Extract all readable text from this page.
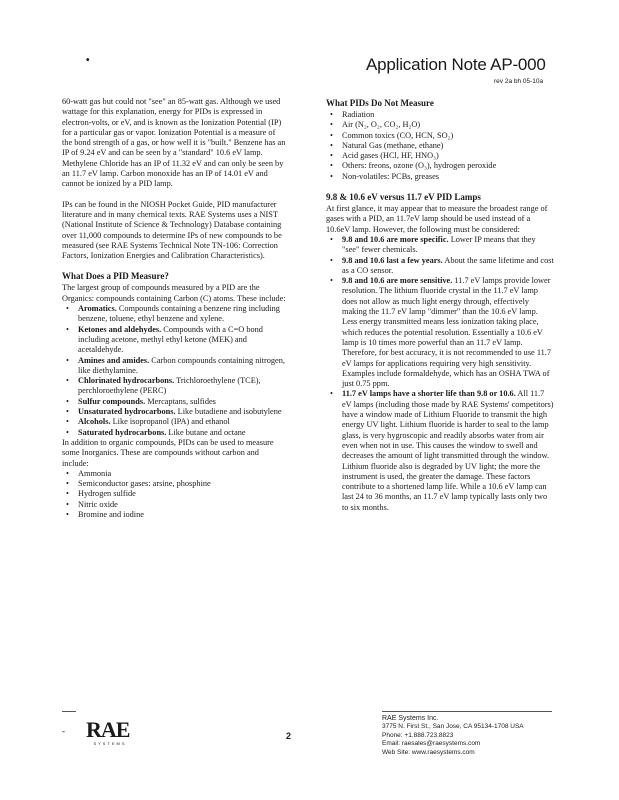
•	Application Note AP-000
rev 2a bh 05-10a

60-watt gas but could not "see" an 85-watt gas. Although we used wattage for this explanation, energy for PIDs is expressed in electron-volts, or eV, and is known as the Ionization Potential (IP) for a particular gas or vapor. Ionization Potential is a measure of the bond strength of a gas, or how well it is "built." Benzene has an IP of 9.24 eV and can be seen by a "standard" 10.6 eV lamp. Methylene Chloride has an IP of 11.32 eV and can only be seen by an 11.7 eV lamp. Carbon monoxide has an IP of 14.01 eV and cannot be ionized by a PID lamp.

IPs can be found in the NIOSH Pocket Guide, PID manufacturer literature and in many chemical texts. RAE Systems uses a NIST (National Institute of Science & Technology) Database containing over 11,000 compounds to determine IPs of new compounds to be measured (see RAE Systems Technical Note TN-106: Correction Factors, Ionization Energies and Calibration Characteristics).

What Does a PID Measure?

The largest group of compounds measured by a PID are the Organics: compounds containing Carbon (C) atoms. These include:

• Aromatics. Compounds containing a benzene ring including benzene, toluene, ethyl benzene and xylene.
• Ketones and aldehydes. Compounds with a C=O bond including acetone, methyl ethyl ketone (MEK) and acetaldehyde.
• Amines and amides. Carbon compounds containing nitrogen, like diethylamine.
• Chlorinated hydrocarbons. Trichloroethylene (TCE), perchloroethylene (PERC)
• Sulfur compounds. Mercaptans, sulfides
• Unsaturated hydrocarbons. Like butadiene and isobutylene
• Alcohols. Like isopropanol (IPA) and ethanol
• Saturated hydrocarbons. Like butane and octane

In addition to organic compounds, PIDs can be used to measure some Inorganics. These are compounds without carbon and include:

• Ammonia
• Semiconductor gases: arsine, phosphine
• Hydrogen sulfide
• Nitric oxide
• Bromine and iodine
What PIDs Do Not Measure
• Radiation
• Air (N₂, O₂, CO₂, H₂O)
• Common toxics (CO, HCN, SO₂)
• Natural Gas (methane, ethane)
• Acid gases (HCl, HF, HNO₃)
• Others: freons, ozone (O₃), hydrogen peroxide
• Non-volatiles: PCBs, greases
9.8 & 10.6 eV versus 11.7 eV PID Lamps

At first glance, it may appear that to measure the broadest range of gases with a PID, an 11.7eV lamp should be used instead of a 10.6eV lamp. However, the following must be considered:

• 9.8 and 10.6 are more specific. Lower IP means that they "see" fewer chemicals.
• 9.8 and 10.6 last a few years. About the same lifetime and cost as a CO sensor.
• 9.8 and 10.6 are more sensitive. 11.7 eV lamps provide lower resolution. The lithium fluoride crystal in the 11.7 eV lamp does not allow as much light energy through, effectively making the 11.7 eV lamp "dimmer" than the 10.6 eV lamp. Less energy transmitted means less ionization taking place, which reduces the potential resolution. Essentially a 10.6 eV lamp is 10 times more powerful than an 11.7 eV lamp. Therefore, for best accuracy, it is not recommended to use 11.7 eV lamps for applications requiring very high sensitivity. Examples include formaldehyde, which has an OSHA TWA of just 0.75 ppm.
• 11.7 eV lamps have a shorter life than 9.8 or 10.6. All 11.7 eV lamps (including those made by RAE Systems' competitors) have a window made of Lithium Fluoride to transmit the high energy UV light. Lithium fluoride is harder to seal to the lamp glass, is very hygroscopic and readily absorbs water from air even when not in use. This causes the window to swell and decreases the amount of light transmitted through the window. Lithium fluoride also is degraded by UV light; the more the instrument is used, the greater the damage. These factors contribute to a shortened lamp life. While a 10.6 eV lamp can last 24 to 36 months, an 11.7 eV lamp typically lasts only two to six months.
- RAE
SYSTEMS
2
RAE Systems Inc.
3775 N. First St., San Jose, CA 95134-1708 USA
Phone: +1.888.723.8823
Email: raesales@raesystems.com
Web Site: www.raesystems.com
